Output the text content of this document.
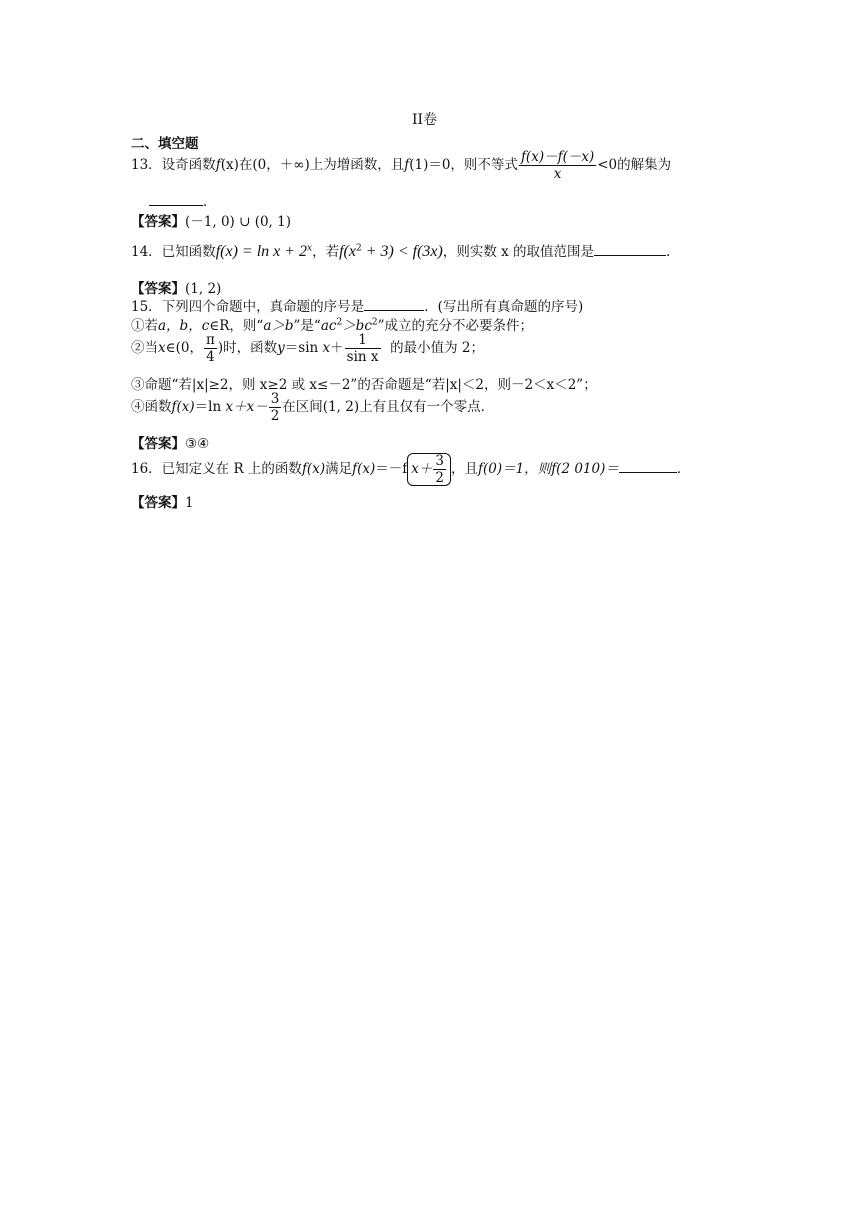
II卷
二、填空题
13．设奇函数f(x)在(0，＋∞)上为增函数，且f(1)＝0，则不等式 $\frac{f(x)-f(-x)}{x} <0$的解集为
．
【答案】(－1, 0) ∪ (0, 1)
14．已知函数$f(x) = \ln x + 2^x$，若$f(x^2 + 3) < f(3x)$，则实数 x 的取值范围是	.
【答案】(1, 2)
15．下列四个命题中，真命题的序号是	．(写出所有真命题的序号)
①若a，b，c∈R，则“a＞b”是“$ac^2>bc^2$”成立的充分不必要条件；
②当x∈(0， $\frac{\pi}{4}$ )时，函数y＝sin $x+ \frac{1}{\text{sin x}}$ 的最小值为 2；
③命题“若|x|≥2，则 x≥2 或 x≤－2”的否命题是“若|x|＜2，则－2＜x＜2”；
④函数f(x)＝ln $x+x- \frac{3}{2}$ 在区间(1, 2)上有且仅有一个零点．
【答案】③④
16．已知定义在 R 上的函数f(x)满足f(x)＝－f $x+ \frac{3}{2}$ ，且f(0)＝1，则f(2 010)＝	．
【答案】1
